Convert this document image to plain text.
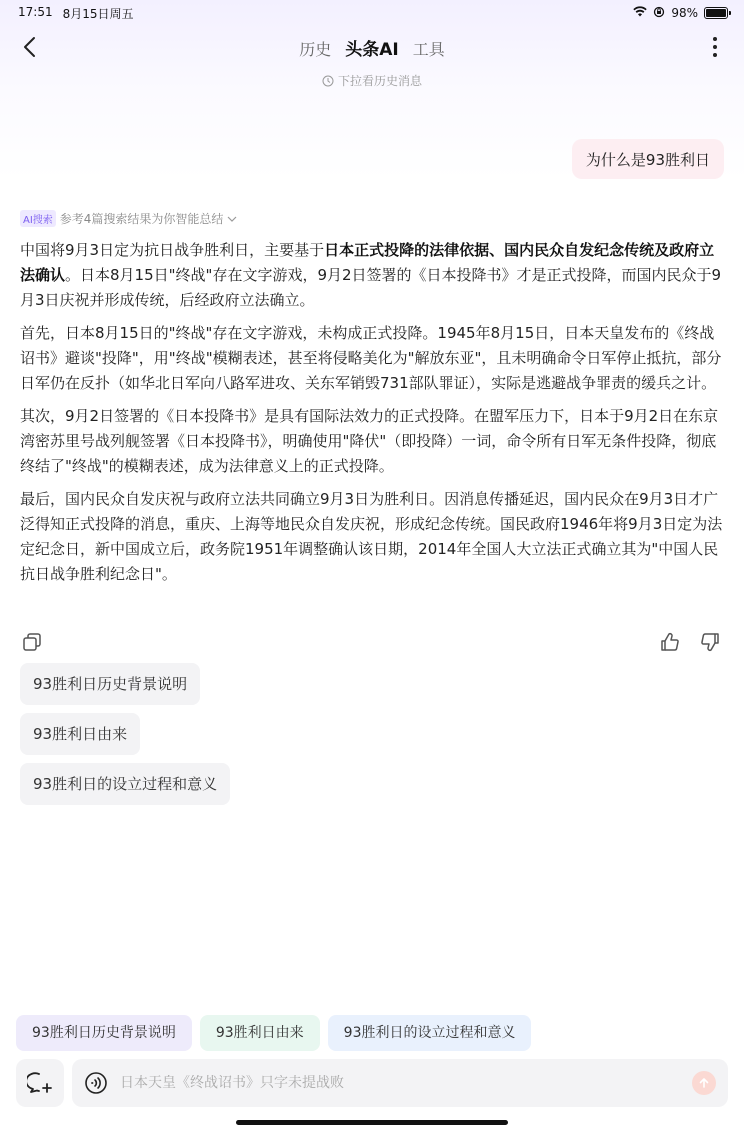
17:51 8月15日周五	98%
历史 头条AI 工具
下拉看历史消息
为什么是93胜利日
AI搜索 参考4篇搜索结果为你智能总结

中国将9月3日定为抗日战争胜利日，主要基于日本正式投降的法律依据、国内民众自发纪念传统及政府立法确认。日本8月15日"终战"存在文字游戏，9月2日签署的《日本投降书》才是正式投降，而国内民众于9月3日庆祝并形成传统，后经政府立法确立。

首先，日本8月15日的"终战"存在文字游戏，未构成正式投降。1945年8月15日，日本天皇发布的《终战诏书》避谈"投降"，用"终战"模糊表述，甚至将侵略美化为"解放东亚"，且未明确命令日军停止抵抗，部分日军仍在反扑（如华北日军向八路军进攻、关东军销毁731部队罪证），实际是逃避战争罪责的缓兵之计。

其次，9月2日签署的《日本投降书》是具有国际法效力的正式投降。在盟军压力下，日本于9月2日在东京湾密苏里号战列舰签署《日本投降书》，明确使用"降伏"（即投降）一词，命令所有日军无条件投降，彻底终结了"终战"的模糊表述，成为法律意义上的正式投降。

最后，国内民众自发庆祝与政府立法共同确立9月3日为胜利日。因消息传播延迟，国内民众在9月3日才广泛得知正式投降的消息，重庆、上海等地民众自发庆祝，形成纪念传统。国民政府1946年将9月3日定为法定纪念日，新中国成立后，政务院1951年调整确认该日期，2014年全国人大立法正式确立其为"中国人民抗日战争胜利纪念日"。

93胜利日历史背景说明
93胜利日由来
93胜利日的设立过程和意义
93胜利日历史背景说明	93胜利日由来	93胜利日的设立过程和意义
日本天皇《终战诏书》只字未提战败
